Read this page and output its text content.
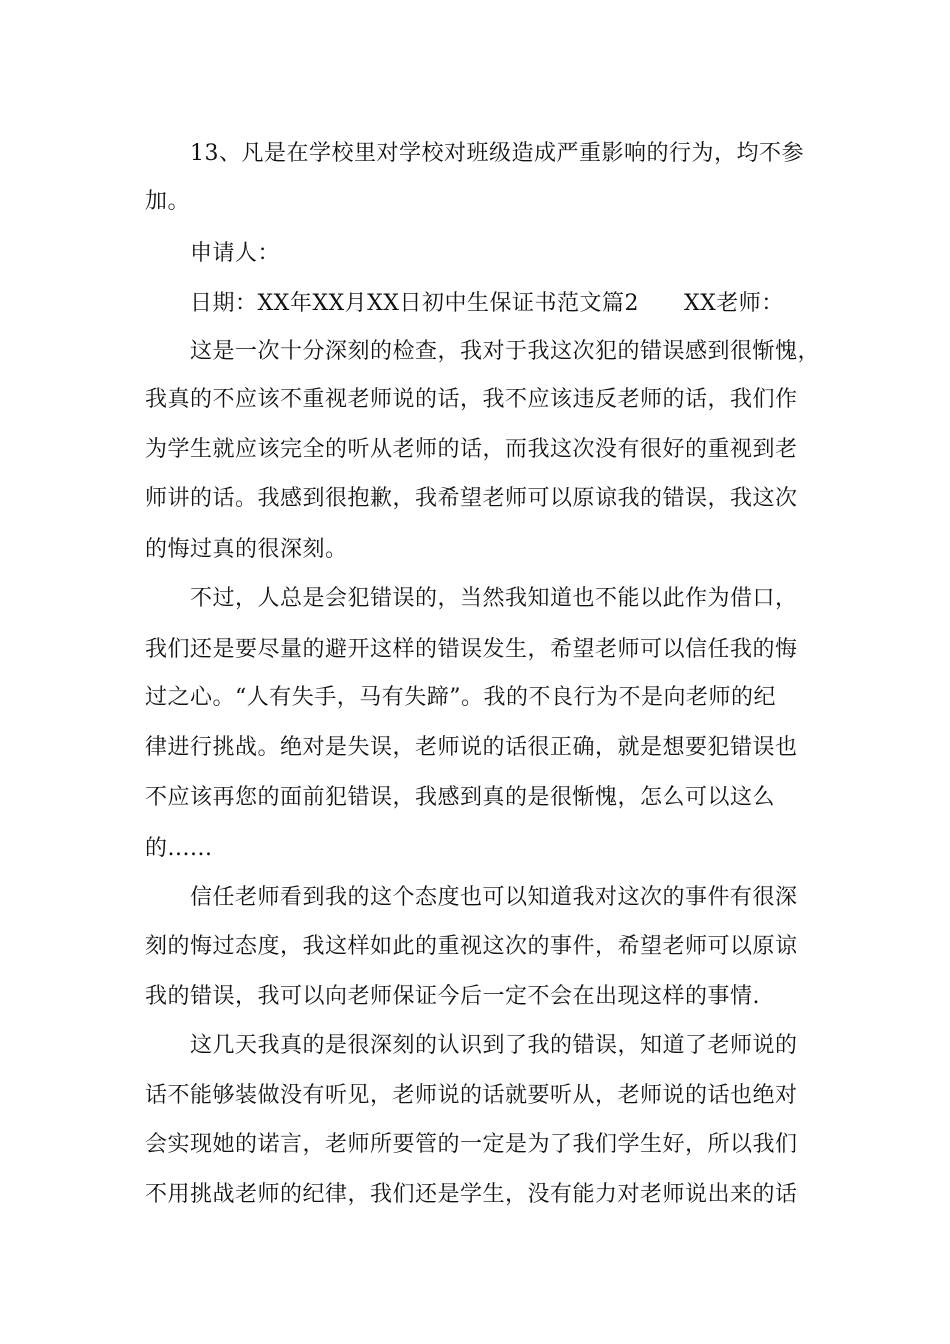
13、凡是在学校里对学校对班级造成严重影响的行为，均不参

加。

申请人：

日期：XX年XX月XX日初中生保证书范文篇2　　XX老师：

这是一次十分深刻的检查，我对于我这次犯的错误感到很惭愧，

我真的不应该不重视老师说的话，我不应该违反老师的话，我们作

为学生就应该完全的听从老师的话，而我这次没有很好的重视到老

师讲的话。我感到很抱歉，我希望老师可以原谅我的错误，我这次

的悔过真的很深刻。

不过，人总是会犯错误的，当然我知道也不能以此作为借口，

我们还是要尽量的避开这样的错误发生，希望老师可以信任我的悔

过之心。“人有失手，马有失蹄”。我的不良行为不是向老师的纪

律进行挑战。绝对是失误，老师说的话很正确，就是想要犯错误也

不应该再您的面前犯错误，我感到真的是很惭愧，怎么可以这么

的......

信任老师看到我的这个态度也可以知道我对这次的事件有很深

刻的悔过态度，我这样如此的重视这次的事件，希望老师可以原谅

我的错误，我可以向老师保证今后一定不会在出现这样的事情.

这几天我真的是很深刻的认识到了我的错误，知道了老师说的

话不能够装做没有听见，老师说的话就要听从，老师说的话也绝对

会实现她的诺言，老师所要管的一定是为了我们学生好，所以我们

不用挑战老师的纪律，我们还是学生，没有能力对老师说出来的话
